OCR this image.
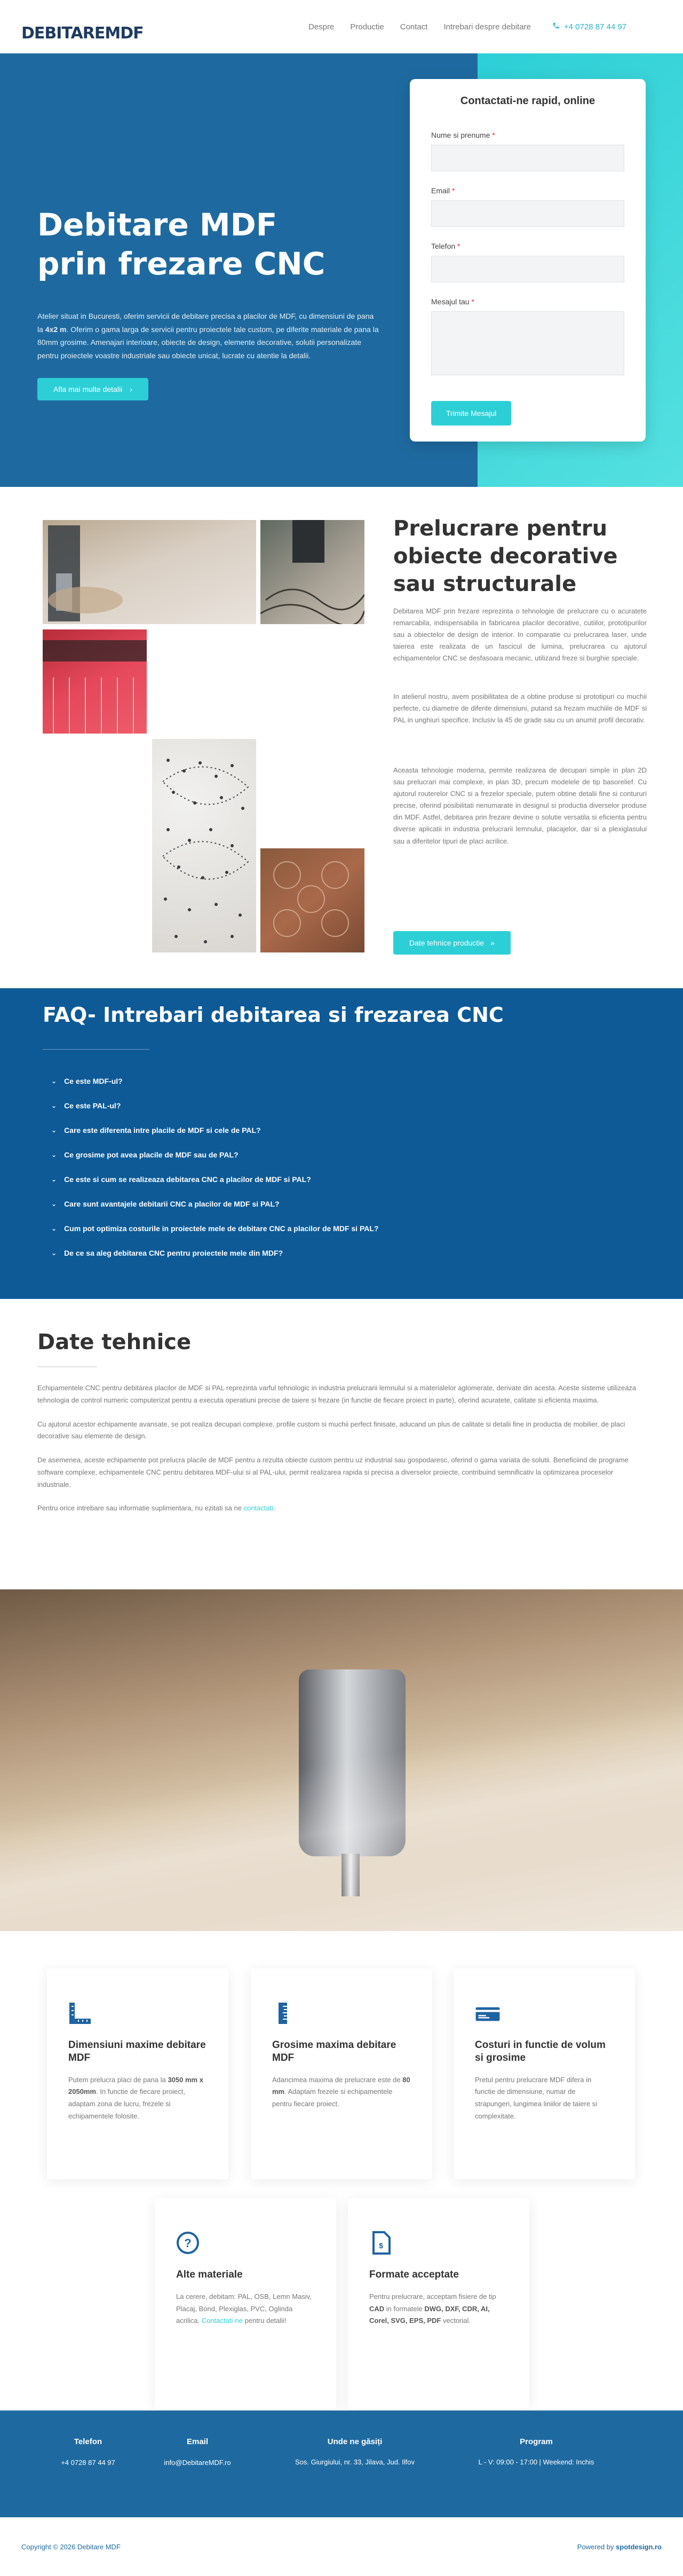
DEBITAREMDF	Despre Productie Contact Intrebari despre debitare	+4 0728 87 44 97
Debitare MDF
prin frezare CNC

Atelier situat in Bucuresti, oferim servicii de debitare precisa a placilor de MDF, cu dimensiuni de pana la 4x2 m. Oferim o gama larga de servicii pentru proiectele tale custom, pe diferite materiale de pana la 80mm grosime. Amenajari interioare, obiecte de design, elemente decorative, solutii personalizate pentru proiectele voastre industriale sau obiecte unicat, lucrate cu atentie la detalii.

Afla mai multe detalii ›
Contactati-ne rapid, online
Nume si prenume *
Email *
Telefon *
Mesajul tau *
Trimite Mesajul
Prelucrare pentru obiecte decorative sau structurale

Debitarea MDF prin frezare reprezinta o tehnologie de prelucrare cu o acuratete remarcabila, indispensabila in fabricarea placilor decorative, cutiilor, prototipurilor sau a obiectelor de design de interior. In comparatie cu prelucrarea laser, unde taierea este realizata de un fascicul de lumina, prelucrarea cu ajutorul echipamentelor CNC se desfasoara mecanic, utilizand freze si burghie speciale.

In atelierul nostru, avem posibilitatea de a obtine produse si prototipuri cu muchii perfecte, cu diametre de diferite dimensiuni, putand sa frezam muchiile de MDF si PAL in unghiuri specifice. Inclusiv la 45 de grade sau cu un anumit profil decorativ.

Aceasta tehnologie moderna, permite realizarea de decupari simple in plan 2D sau prelucrari mai complexe, in plan 3D, precum modelele de tip basorelief. Cu ajutorul routerelor CNC si a frezelor speciale, putem obtine detalii fine si contururi precise, oferind posibilitati nenumarate in designul si productia diverselor produse din MDF. Astfel, debitarea prin frezare devine o solutie versatila si eficienta pentru diverse aplicatii in industria prelucrarii lemnului, placajelor, dar si a plexiglasului sau a diferitelor tipuri de placi acrilice.

Date tehnice productie »
FAQ- Intrebari debitarea si frezarea CNC
⌄ Ce este MDF-ul?
⌄ Ce este PAL-ul?
⌄ Care este diferenta intre placile de MDF si cele de PAL?
⌄ Ce grosime pot avea placile de MDF sau de PAL?
⌄ Ce este si cum se realizeaza debitarea CNC a placilor de MDF si PAL?
⌄ Care sunt avantajele debitarii CNC a placilor de MDF si PAL?
⌄ Cum pot optimiza costurile in proiectele mele de debitare CNC a placilor de MDF si PAL?
⌄ De ce sa aleg debitarea CNC pentru proiectele mele din MDF?
Date tehnice

Echipamentele CNC pentru debitarea placilor de MDF si PAL reprezinta varful tehnologic in industria prelucrarii lemnului si a materialelor aglomerate, derivate din acesta. Aceste sisteme utilizeaza tehnologia de control numeric computerizat pentru a executa operatiuni precise de taiere si frezare (in functie de fiecare proiect in parte), oferind acuratete, calitate si eficienta maxima.

Cu ajutorul acestor echipamente avansate, se pot realiza decupari complexe, profile custom si muchii perfect finisate, aducand un plus de calitate si detalii fine in productia de mobilier, de placi decorative sau elemente de design.

De asemenea, aceste echipamente pot prelucra placile de MDF pentru a rezulta obiecte custom pentru uz industrial sau gospodaresc, oferind o gama variata de solutii. Beneficiind de programe software complexe, echipamentele CNC pentru debitarea MDF-ului si al PAL-ului, permit realizarea rapida si precisa a diverselor proiecte, contribuind semnificativ la optimizarea proceselor industriale.

Pentru orice intrebare sau informatie suplimentara, nu ezitati sa ne contactati.

Dimensiuni maxime debitare MDF

Putem prelucra placi de pana la 3050 mm x 2050mm. In functie de fiecare proiect, adaptam zona de lucru, frezele si echipamentele folosite.

Grosime maxima debitare MDF

Adancimea maxima de prelucrare este de 80 mm. Adaptam frezele si echipamentele pentru fiecare proiect.

Costuri in functie de volum si grosime

Pretul pentru prelucrare MDF difera in functie de dimensiune, numar de strapungeri, lungimea liniilor de taiere si complexitate.

?
Alte materiale

La cerere, debitam: PAL, OSB, Lemn Masiv, Placaj, Bond, Plexiglas, PVC, Oglinda acrilica. Contactati-ne pentru detalii!

$
Formate acceptate

Pentru prelucrare, acceptam fisiere de tip CAD in formatele DWG, DXF, CDR, AI, Corel, SVG, EPS, PDF vectorial.

Telefon
+4 0728 87 44 97
Email
info@DebitareMDF.ro
Unde ne găsiți
Sos. Giurgiului, nr. 33, Jilava, Jud. Ilfov
Program
L - V: 09:00 - 17:00 | Weekend: Inchis
Copyright © 2026 Debitare MDF	Powered by spotdesign.ro
